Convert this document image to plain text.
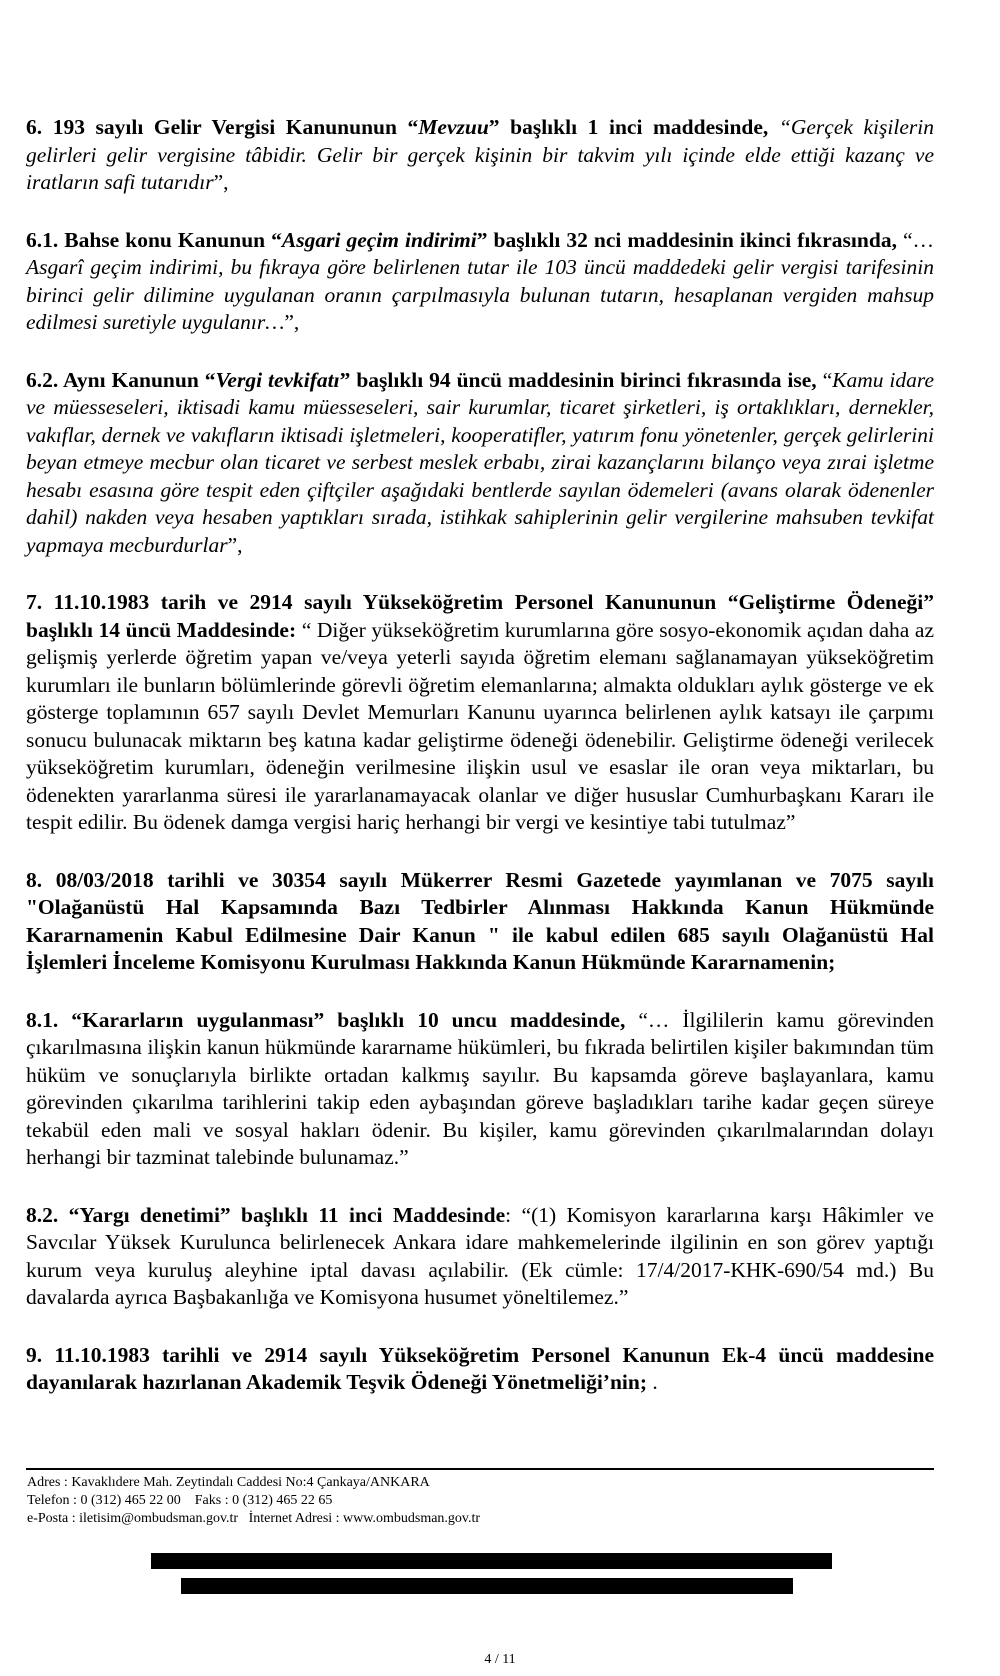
6. 193 sayılı Gelir Vergisi Kanununun “Mevzuu” başlıklı 1 inci maddesinde, “Gerçek kişilerin gelirleri gelir vergisine tâbidir. Gelir bir gerçek kişinin bir takvim yılı içinde elde ettiği kazanç ve iratların safi tutarıdır”,

6.1. Bahse konu Kanunun “Asgari geçim indirimi” başlıklı 32 nci maddesinin ikinci fıkrasında, “…Asgarî geçim indirimi, bu fıkraya göre belirlenen tutar ile 103 üncü maddedeki gelir vergisi tarifesinin birinci gelir dilimine uygulanan oranın çarpılmasıyla bulunan tutarın, hesaplanan vergiden mahsup edilmesi suretiyle uygulanır…”,

6.2. Aynı Kanunun “Vergi tevkifatı” başlıklı 94 üncü maddesinin birinci fıkrasında ise, “Kamu idare ve müesseseleri, iktisadi kamu müesseseleri, sair kurumlar, ticaret şirketleri, iş ortaklıkları, dernekler, vakıflar, dernek ve vakıfların iktisadi işletmeleri, kooperatifler, yatırım fonu yönetenler, gerçek gelirlerini beyan etmeye mecbur olan ticaret ve serbest meslek erbabı, zirai kazançlarını bilanço veya zırai işletme hesabı esasına göre tespit eden çiftçiler aşağıdaki bentlerde sayılan ödemeleri (avans olarak ödenenler dahil) nakden veya hesaben yaptıkları sırada, istihkak sahiplerinin gelir vergilerine mahsuben tevkifat yapmaya mecburdurlar”,

7. 11.10.1983 tarih ve 2914 sayılı Yükseköğretim Personel Kanununun “Geliştirme Ödeneği” başlıklı 14 üncü Maddesinde: “ Diğer yükseköğretim kurumlarına göre sosyo-ekonomik açıdan daha az gelişmiş yerlerde öğretim yapan ve/veya yeterli sayıda öğretim elemanı sağlanamayan yükseköğretim kurumları ile bunların bölümlerinde görevli öğretim elemanlarına; almakta oldukları aylık gösterge ve ek gösterge toplamının 657 sayılı Devlet Memurları Kanunu uyarınca belirlenen aylık katsayı ile çarpımı sonucu bulunacak miktarın beş katına kadar geliştirme ödeneği ödenebilir. Geliştirme ödeneği verilecek yükseköğretim kurumları, ödeneğin verilmesine ilişkin usul ve esaslar ile oran veya miktarları, bu ödenekten yararlanma süresi ile yararlanamayacak olanlar ve diğer hususlar Cumhurbaşkanı Kararı ile tespit edilir. Bu ödenek damga vergisi hariç herhangi bir vergi ve kesintiye tabi tutulmaz”

8. 08/03/2018 tarihli ve 30354 sayılı Mükerrer Resmi Gazetede yayımlanan ve 7075 sayılı "Olağanüstü Hal Kapsamında Bazı Tedbirler Alınması Hakkında Kanun Hükmünde Kararnamenin Kabul Edilmesine Dair Kanun " ile kabul edilen 685 sayılı Olağanüstü Hal İşlemleri İnceleme Komisyonu Kurulması Hakkında Kanun Hükmünde Kararnamenin;

8.1. “Kararların uygulanması” başlıklı 10 uncu maddesinde, “… İlgililerin kamu görevinden çıkarılmasına ilişkin kanun hükmünde kararname hükümleri, bu fıkrada belirtilen kişiler bakımından tüm hüküm ve sonuçlarıyla birlikte ortadan kalkmış sayılır. Bu kapsamda göreve başlayanlara, kamu görevinden çıkarılma tarihlerini takip eden aybaşından göreve başladıkları tarihe kadar geçen süreye tekabül eden mali ve sosyal hakları ödenir. Bu kişiler, kamu görevinden çıkarılmalarından dolayı herhangi bir tazminat talebinde bulunamaz.”

8.2. “Yargı denetimi” başlıklı 11 inci Maddesinde: “(1) Komisyon kararlarına karşı Hâkimler ve Savcılar Yüksek Kurulunca belirlenecek Ankara idare mahkemelerinde ilgilinin en son görev yaptığı kurum veya kuruluş aleyhine iptal davası açılabilir. (Ek cümle: 17/4/2017-KHK-690/54 md.) Bu davalarda ayrıca Başbakanlığa ve Komisyona husumet yöneltilemez.”

9. 11.10.1983 tarihli ve 2914 sayılı Yükseköğretim Personel Kanunun Ek-4 üncü maddesine dayanılarak hazırlanan Akademik Teşvik Ödeneği Yönetmeliği’nin; .

Adres : Kavaklıdere Mah. Zeytindalı Caddesi No:4 Çankaya/ANKARA
Telefon : 0 (312) 465 22 00    Faks : 0 (312) 465 22 65
e-Posta : iletisim@ombudsman.gov.tr   İnternet Adresi : www.ombudsman.gov.tr
4 / 11
